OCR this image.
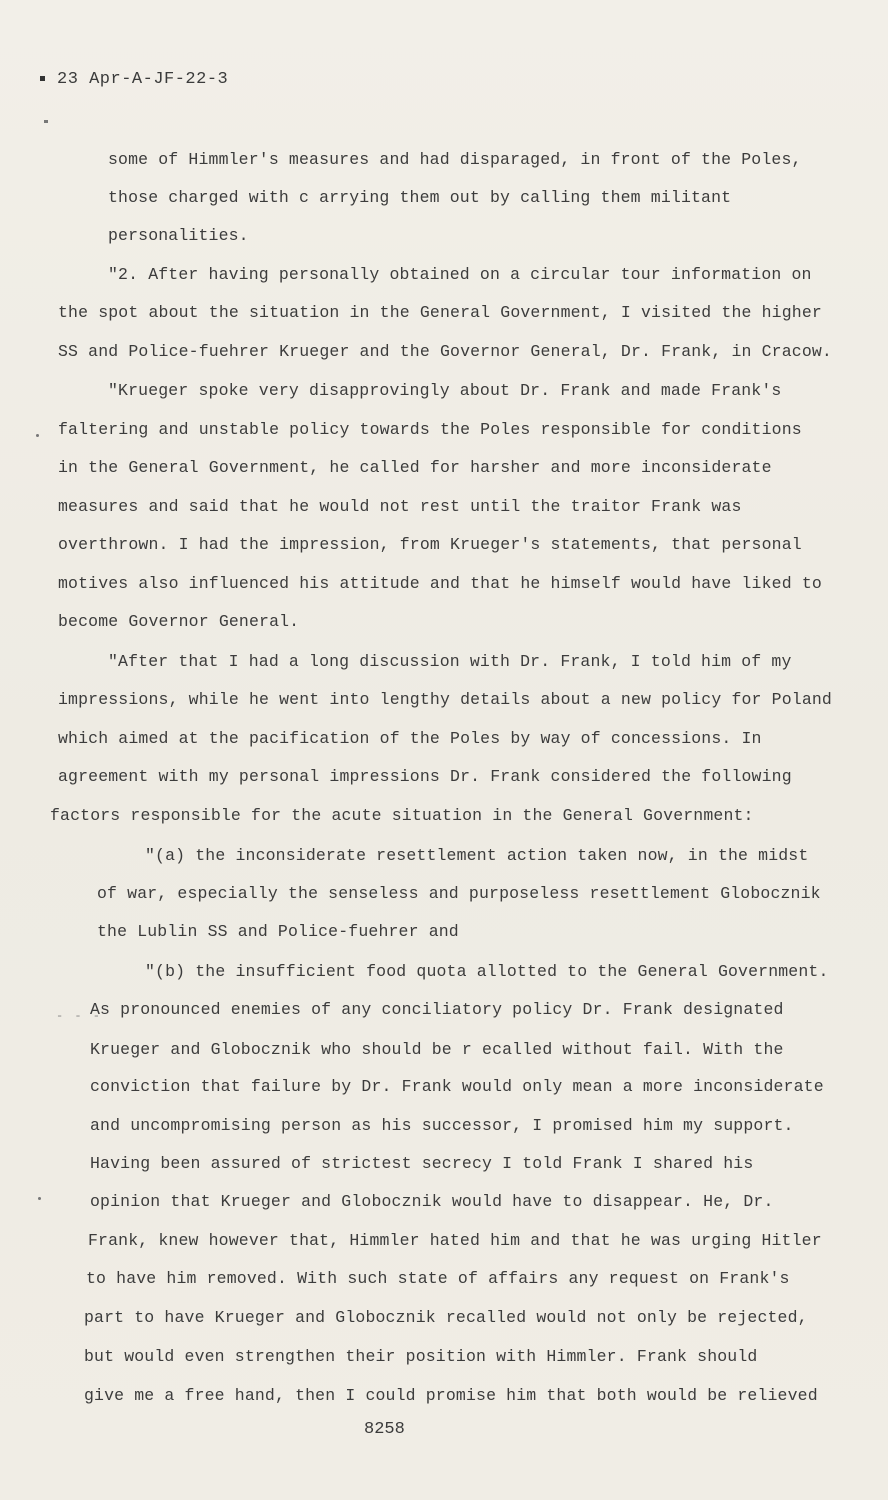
23 Apr-A-JF-22-3
some of Himmler's measures and had disparaged, in front of the Poles,
those charged with c arrying them out by calling them militant
personalities.
"2. After having personally obtained on a circular tour information on
the spot about the situation in the General Government, I visited the higher
SS and Police-fuehrer Krueger and the Governor General, Dr. Frank, in Cracow.
"Krueger spoke very disapprovingly about Dr. Frank and made Frank's
faltering and unstable policy towards the Poles responsible for conditions
in the General Government, he called for harsher and more inconsiderate
measures and said that he would not rest until the traitor Frank was
overthrown. I had the impression, from Krueger's statements, that personal
motives also influenced his attitude and that he himself would have liked to
become Governor General.
"After that I had a long discussion with Dr. Frank, I told him of my
impressions, while he went into lengthy details about a new policy for Poland
which aimed at the pacification of the Poles by way of concessions. In
agreement with my personal impressions Dr. Frank considered the following
factors responsible for the acute situation in the General Government:
"(a) the inconsiderate resettlement action taken now, in the midst
of war, especially the senseless and purposeless resettlement Globocznik
the Lublin SS and Police-fuehrer and
"(b) the insufficient food quota allotted to the General Government.
- - -
As pronounced enemies of any conciliatory policy Dr. Frank designated
Krueger and Globocznik who should be r ecalled without fail. With the
conviction that failure by Dr. Frank would only mean a more inconsiderate
and uncompromising person as his successor, I promised him my support.
Having been assured of strictest secrecy I told Frank I shared his
opinion that Krueger and Globocznik would have to disappear. He, Dr.
Frank, knew however that, Himmler hated him and that he was urging Hitler
to have him removed. With such state of affairs any request on Frank's
part to have Krueger and Globocznik recalled would not only be rejected,
but would even strengthen their position with Himmler. Frank should
give me a free hand, then I could promise him that both would be relieved
8258
